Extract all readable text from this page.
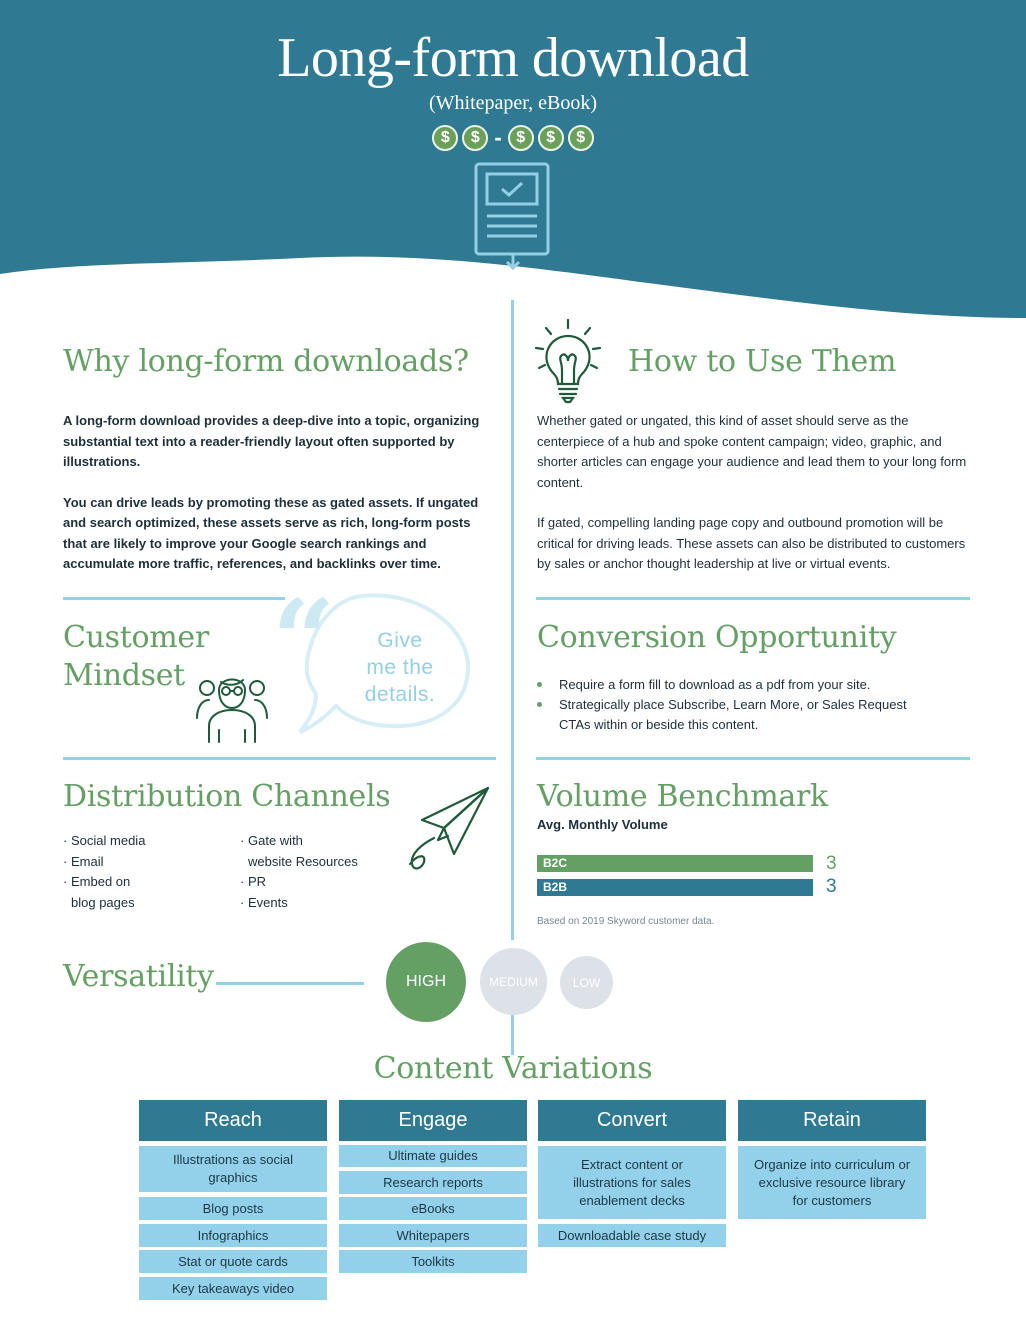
Long-form download
(Whitepaper, eBook)
$	$ - $	$	$
Why long-form downloads?

A long-form download provides a deep-dive into a topic, organizing substantial text into a reader-friendly layout often supported by illustrations.

You can drive leads by promoting these as gated assets. If ungated and search optimized, these assets serve as rich, long-form posts that are likely to improve your Google search rankings and accumulate more traffic, references, and backlinks over time.

How to Use Them

Whether gated or ungated, this kind of asset should serve as the centerpiece of a hub and spoke content campaign; video, graphic, and shorter articles can engage your audience and lead them to your long form content.

If gated, compelling landing page copy and outbound promotion will be critical for driving leads. These assets can also be distributed to customers by sales or anchor thought leadership at live or virtual events.

Customer
Mindset “	Give
me the
details.
Conversion Opportunity
Require a form fill to download as a pdf from your site.
Strategically place Subscribe, Learn More, or Sales Request CTAs within or beside this content.
Distribution Channels
· Social media
· Email
· Embed on
blog pages
· Gate with
website Resources
· PR
· Events
Volume Benchmark
Avg. Monthly Volume
B2C	3
B2B	3
Based on 2019 Skyword customer data.
Versatility	HIGH	MEDIUM	LOW
Content Variations
Reach
Illustrations as social graphics
Blog posts
Infographics
Stat or quote cards
Key takeaways video
Engage
Ultimate guides
Research reports
eBooks
Whitepapers
Toolkits
Convert
Extract content or illustrations for sales enablement decks
Downloadable case study
Retain
Organize into curriculum or exclusive resource library for customers
